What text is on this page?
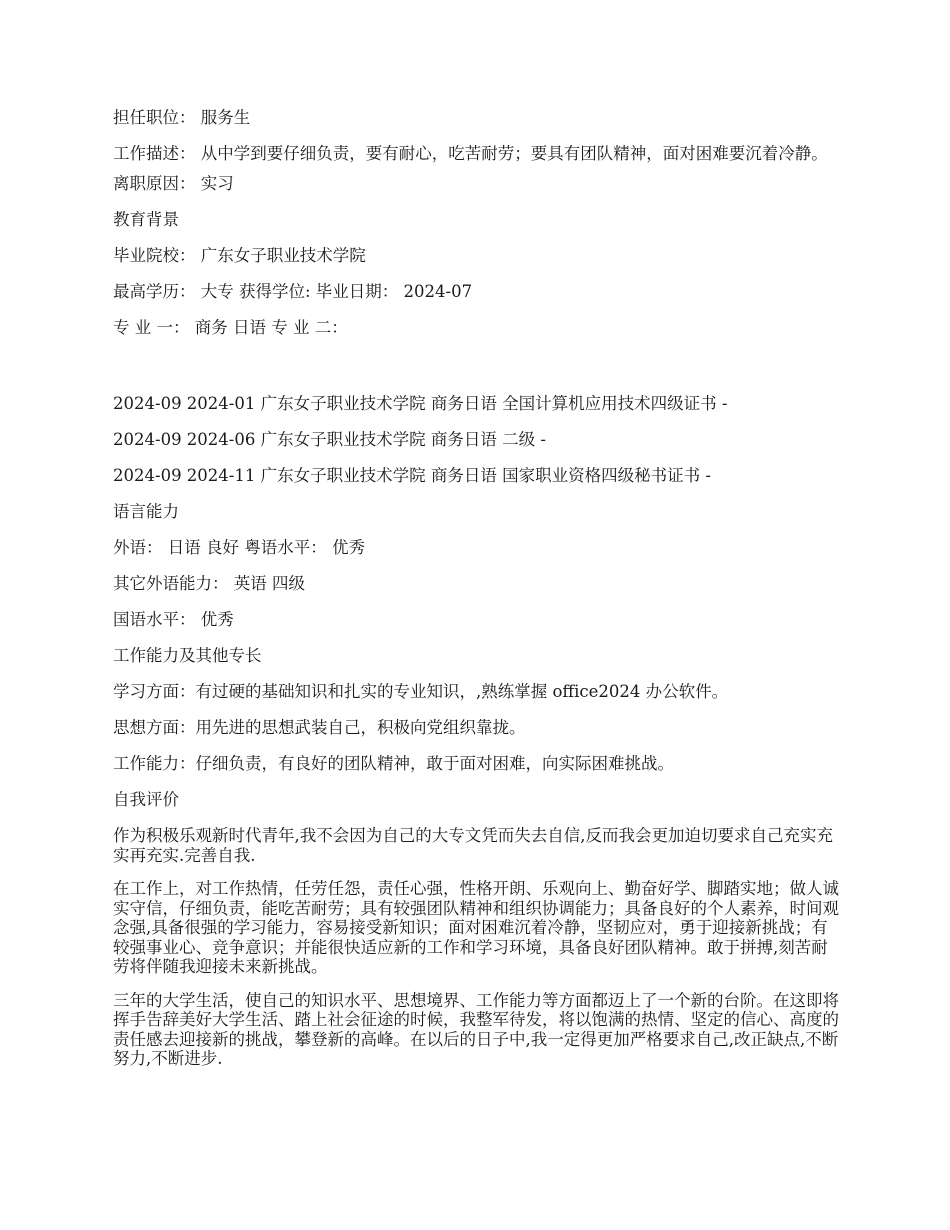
担任职位： 服务生
工作描述： 从中学到要仔细负责，要有耐心，吃苦耐劳；要具有团队精神，面对困难要沉着冷静。
离职原因： 实习
教育背景
毕业院校： 广东女子职业技术学院
最高学历： 大专 获得学位: 毕业日期： 2024-07
专 业 一： 商务 日语 专 业 二：
2024-09 2024-01 广东女子职业技术学院 商务日语 全国计算机应用技术四级证书 -
2024-09 2024-06 广东女子职业技术学院 商务日语 二级 -
2024-09 2024-11 广东女子职业技术学院 商务日语 国家职业资格四级秘书证书 -
语言能力
外语： 日语 良好 粤语水平： 优秀
其它外语能力： 英语 四级
国语水平： 优秀
工作能力及其他专长
学习方面：有过硬的基础知识和扎实的专业知识，,熟练掌握 office2024 办公软件。
思想方面：用先进的思想武装自己，积极向党组织靠拢。
工作能力：仔细负责，有良好的团队精神，敢于面对困难，向实际困难挑战。
自我评价
作为积极乐观新时代青年,我不会因为自己的大专文凭而失去自信,反而我会更加迫切要求自己充实充实再充实.完善自我.
在工作上，对工作热情，任劳任怨，责任心强，性格开朗、乐观向上、勤奋好学、脚踏实地；做人诚实守信，仔细负责，能吃苦耐劳；具有较强团队精神和组织协调能力；具备良好的个人素养，时间观念强,具备很强的学习能力，容易接受新知识；面对困难沉着冷静，坚韧应对，勇于迎接新挑战；有较强事业心、竞争意识；并能很快适应新的工作和学习环境，具备良好团队精神。敢于拼搏,刻苦耐劳将伴随我迎接未来新挑战。
三年的大学生活，使自己的知识水平、思想境界、工作能力等方面都迈上了一个新的台阶。在这即将挥手告辞美好大学生活、踏上社会征途的时候，我整军待发，将以饱满的热情、坚定的信心、高度的责任感去迎接新的挑战，攀登新的高峰。在以后的日子中,我一定得更加严格要求自己,改正缺点,不断努力,不断进步.
